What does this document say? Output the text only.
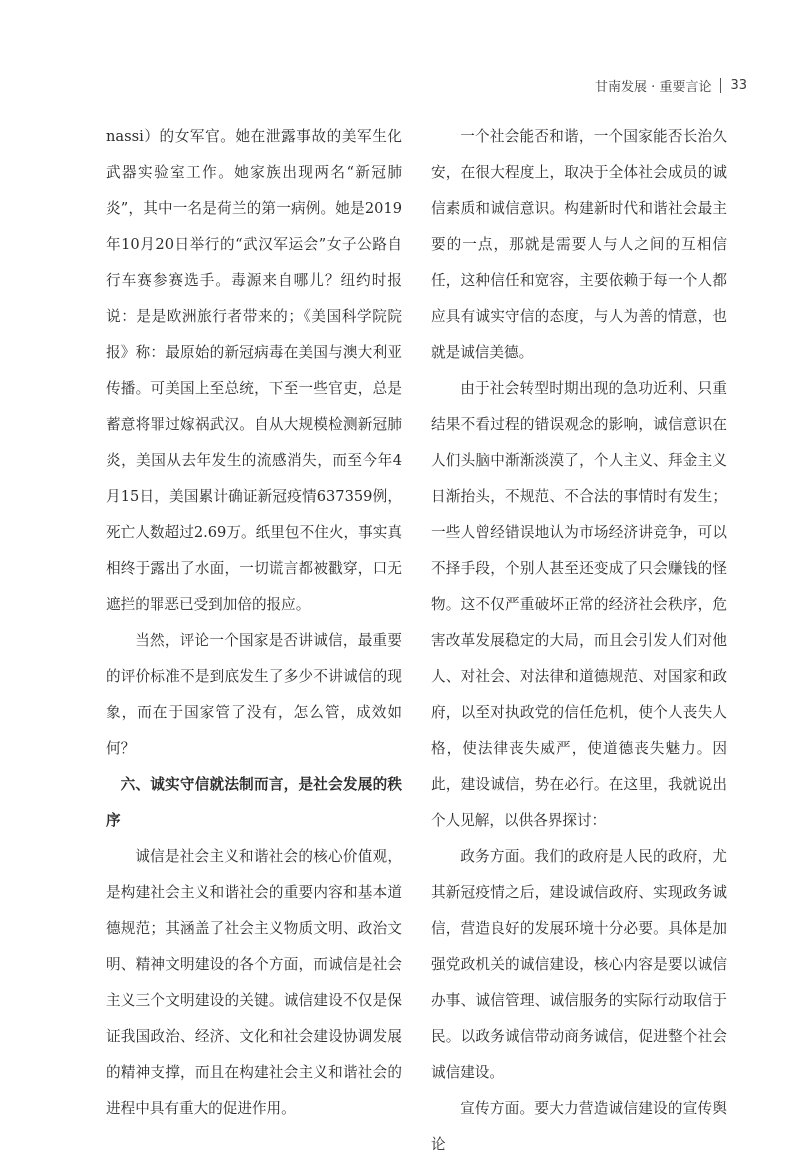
甘南发展 · 重要言论 33

nassi）的女军官。她在泄露事故的美军生化武器实验室工作。她家族出现两名“新冠肺炎”，其中一名是荷兰的第一病例。她是2019年10月20日举行的“武汉军运会”女子公路自行车赛参赛选手。毒源来自哪儿？纽约时报说：是是欧洲旅行者带来的；《美国科学院院报》称：最原始的新冠病毒在美国与澳大利亚传播。可美国上至总统，下至一些官吏，总是蓄意将罪过嫁祸武汉。自从大规模检测新冠肺炎，美国从去年发生的流感消失，而至今年4月15日，美国累计确证新冠疫情637359例，死亡人数超过2.69万。纸里包不住火，事实真相终于露出了水面，一切谎言都被戳穿，口无遮拦的罪恶已受到加倍的报应。

当然，评论一个国家是否讲诚信，最重要的评价标准不是到底发生了多少不讲诚信的现象，而在于国家管了没有，怎么管，成效如何？

六、诚实守信就法制而言，是社会发展的秩序

诚信是社会主义和谐社会的核心价值观，是构建社会主义和谐社会的重要内容和基本道德规范；其涵盖了社会主义物质文明、政治文明、精神文明建设的各个方面，而诚信是社会主义三个文明建设的关键。诚信建设不仅是保证我国政治、经济、文化和社会建设协调发展的精神支撑，而且在构建社会主义和谐社会的进程中具有重大的促进作用。

一个社会能否和谐，一个国家能否长治久安，在很大程度上，取决于全体社会成员的诚信素质和诚信意识。构建新时代和谐社会最主要的一点，那就是需要人与人之间的互相信任，这种信任和宽容，主要依赖于每一个人都应具有诚实守信的态度，与人为善的情意，也就是诚信美德。

由于社会转型时期出现的急功近利、只重结果不看过程的错误观念的影响，诚信意识在人们头脑中渐渐淡漠了，个人主义、拜金主义日渐抬头，不规范、不合法的事情时有发生；一些人曾经错误地认为市场经济讲竞争，可以不择手段，个别人甚至还变成了只会赚钱的怪物。这不仅严重破坏正常的经济社会秩序，危害改革发展稳定的大局，而且会引发人们对他人、对社会、对法律和道德规范、对国家和政府，以至对执政党的信任危机，使个人丧失人格，使法律丧失威严，使道德丧失魅力。因此，建设诚信，势在必行。在这里，我就说出个人见解，以供各界探讨：

政务方面。我们的政府是人民的政府，尤其新冠疫情之后，建设诚信政府、实现政务诚信，营造良好的发展环境十分必要。具体是加强党政机关的诚信建设，核心内容是要以诚信办事、诚信管理、诚信服务的实际行动取信于民。以政务诚信带动商务诚信，促进整个社会诚信建设。

宣传方面。要大力营造诚信建设的宣传舆论
